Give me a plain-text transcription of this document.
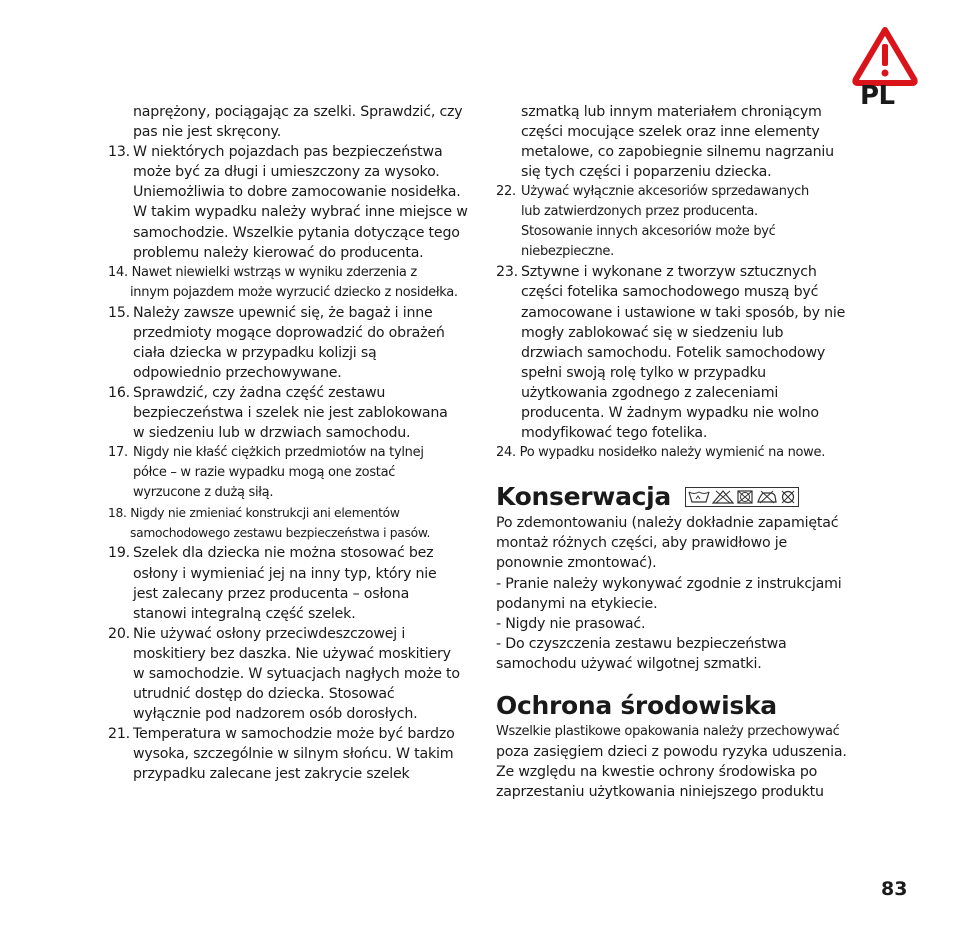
PL
naprężony, pociągając za szelki. Sprawdzić, czy
pas nie jest skręcony.
13. W niektórych pojazdach pas bezpieczeństwa
może być za długi i umieszczony za wysoko.
Uniemożliwia to dobre zamocowanie nosidełka.
W takim wypadku należy wybrać inne miejsce w
samochodzie. Wszelkie pytania dotyczące tego
problemu należy kierować do producenta.
14. Nawet niewielki wstrząs w wyniku zderzenia z
innym pojazdem może wyrzucić dziecko z nosidełka.
15. Należy zawsze upewnić się, że bagaż i inne
przedmioty mogące doprowadzić do obrażeń
ciała dziecka w przypadku kolizji są
odpowiednio przechowywane.
16. Sprawdzić, czy żadna część zestawu
bezpieczeństwa i szelek nie jest zablokowana
w siedzeniu lub w drzwiach samochodu.
17. Nigdy nie kłaść ciężkich przedmiotów na tylnej
półce – w razie wypadku mogą one zostać
wyrzucone z dużą siłą.
18. Nigdy nie zmieniać konstrukcji ani elementów
samochodowego zestawu bezpieczeństwa i pasów.
19. Szelek dla dziecka nie można stosować bez
osłony i wymieniać jej na inny typ, który nie
jest zalecany przez producenta – osłona
stanowi integralną część szelek.
20. Nie używać osłony przeciwdeszczowej i
moskitiery bez daszka. Nie używać moskitiery
w samochodzie. W sytuacjach nagłych może to
utrudnić dostęp do dziecka. Stosować
wyłącznie pod nadzorem osób dorosłych.
21. Temperatura w samochodzie może być bardzo
wysoka, szczególnie w silnym słońcu. W takim
przypadku zalecane jest zakrycie szelek
szmatką lub innym materiałem chroniącym
części mocujące szelek oraz inne elementy
metalowe, co zapobiegnie silnemu nagrzaniu
się tych części i poparzeniu dziecka.
22. Używać wyłącznie akcesoriów sprzedawanych
lub zatwierdzonych przez producenta.
Stosowanie innych akcesoriów może być
niebezpieczne.
23. Sztywne i wykonane z tworzyw sztucznych
części fotelika samochodowego muszą być
zamocowane i ustawione w taki sposób, by nie
mogły zablokować się w siedzeniu lub
drzwiach samochodu. Fotelik samochodowy
spełni swoją rolę tylko w przypadku
użytkowania zgodnego z zaleceniami
producenta. W żadnym wypadku nie wolno
modyfikować tego fotelika.
24. Po wypadku nosidełko należy wymienić na nowe.
Konserwacja
Po zdemontowaniu (należy dokładnie zapamiętać
montaż różnych części, aby prawidłowo je
ponownie zmontować).
- Pranie należy wykonywać zgodnie z instrukcjami
podanymi na etykiecie.
- Nigdy nie prasować.
- Do czyszczenia zestawu bezpieczeństwa
samochodu używać wilgotnej szmatki.
Ochrona środowiska
Wszelkie plastikowe opakowania należy przechowywać
poza zasięgiem dzieci z powodu ryzyka uduszenia.
Ze względu na kwestie ochrony środowiska po
zaprzestaniu użytkowania niniejszego produktu
83
